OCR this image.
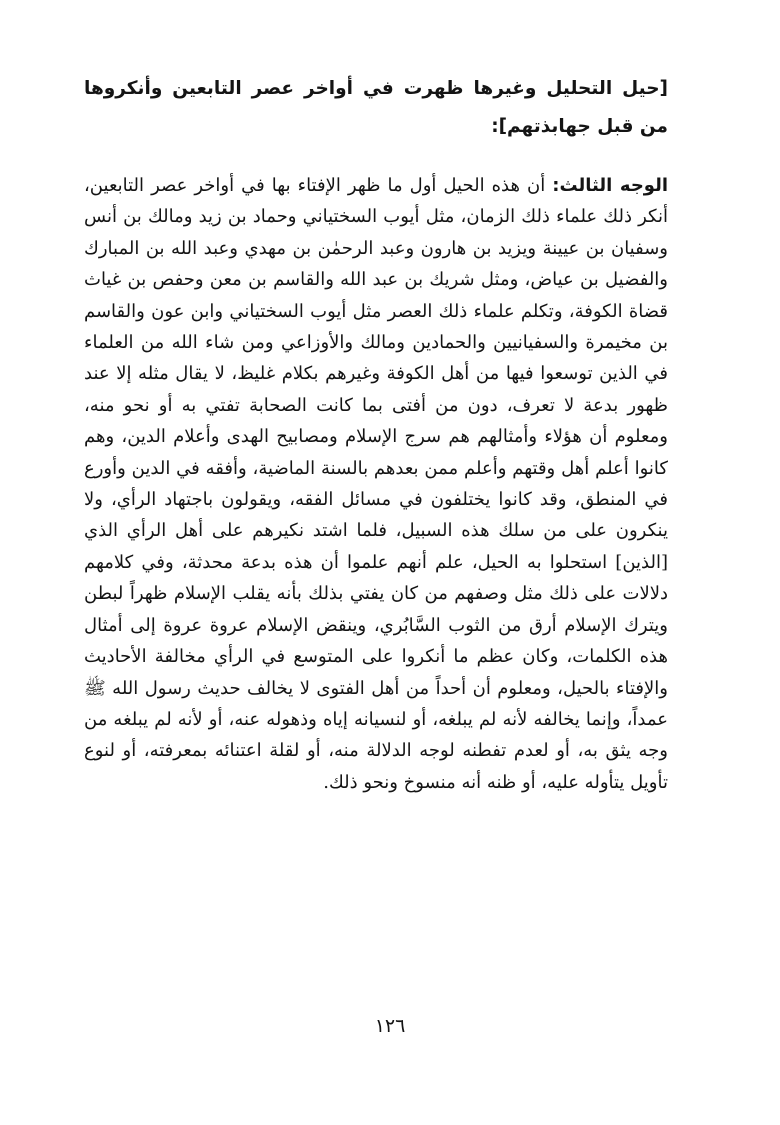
[حيل التحليل وغيرها ظهرت في أواخر عصر التابعين وأنكروها من قبل جهابذتهم]:

الوجه الثالث: أن هذه الحيل أول ما ظهر الإفتاء بها في أواخر عصر التابعين، أنكر ذلك علماء ذلك الزمان، مثل أيوب السختياني وحماد بن زيد ومالك بن أنس وسفيان بن عيينة ويزيد بن هارون وعبد الرحمٰن بن مهدي وعبد الله بن المبارك والفضيل بن عياض، ومثل شريك بن عبد الله والقاسم بن معن وحفص بن غياث قضاة الكوفة، وتكلم علماء ذلك العصر مثل أيوب السختياني وابن عون والقاسم بن مخيمرة والسفيانيين والحمادين ومالك والأوزاعي ومن شاء الله من العلماء في الذين توسعوا فيها من أهل الكوفة وغيرهم بكلام غليظ، لا يقال مثله إلا عند ظهور بدعة لا تعرف، دون من أفتى بما كانت الصحابة تفتي به أو نحو منه، ومعلوم أن هؤلاء وأمثالهم هم سرج الإسلام ومصابيح الهدى وأعلام الدين، وهم كانوا أعلم أهل وقتهم وأعلم ممن بعدهم بالسنة الماضية، وأفقه في الدين وأورع في المنطق، وقد كانوا يختلفون في مسائل الفقه، ويقولون باجتهاد الرأي، ولا ينكرون على من سلك هذه السبيل، فلما اشتد نكيرهم على أهل الرأي الذي [الذين] استحلوا به الحيل، علم أنهم علموا أن هذه بدعة محدثة، وفي كلامهم دلالات على ذلك مثل وصفهم من كان يفتي بذلك بأنه يقلب الإسلام ظهراً لبطن ويترك الإسلام أرق من الثوب السَّابُري، وينقض الإسلام عروة عروة إلى أمثال هذه الكلمات، وكان عظم ما أنكروا على المتوسع في الرأي مخالفة الأحاديث والإفتاء بالحيل، ومعلوم أن أحداً من أهل الفتوى لا يخالف حديث رسول الله ﷺ عمداً، وإنما يخالفه لأنه لم يبلغه، أو لنسيانه إياه وذهوله عنه، أو لأنه لم يبلغه من وجه يثق به، أو لعدم تفطنه لوجه الدلالة منه، أو لقلة اعتنائه بمعرفته، أو لنوع تأويل يتأوله عليه، أو ظنه أنه منسوخ ونحو ذلك.

١٢٦
